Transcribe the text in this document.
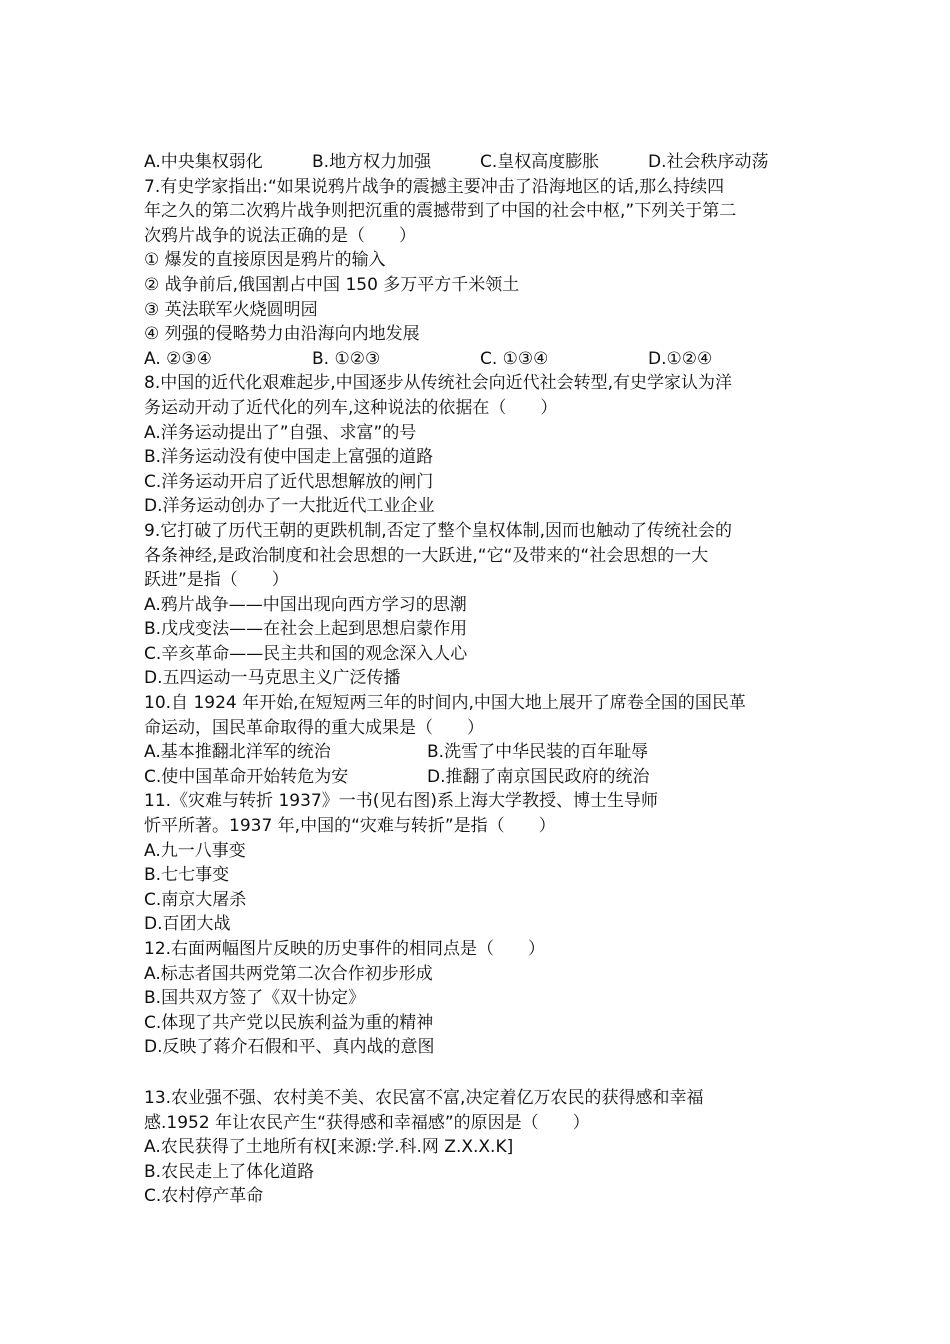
A.中央集权弱化	B.地方权力加强	C.皇权高度膨胀	D.社会秩序动荡
7.有史学家指出:“如果说鸦片战争的震撼主要冲击了沿海地区的话,那么持续四
年之久的第二次鸦片战争则把沉重的震撼带到了中国的社会中枢,”下列关于第二
次鸦片战争的说法正确的是（　　）
① 爆发的直接原因是鸦片的输入
② 战争前后,俄国割占中国 150 多万平方千米领土
③ 英法联军火烧圆明园
④ 列强的侵略势力由沿海向内地发展
A. ②③④	B. ①②③	C. ①③④	D.①②④
8.中国的近代化艰难起步,中国逐步从传统社会向近代社会转型,有史学家认为洋
务运动开动了近代化的列车,这种说法的依据在（　　）
A.洋务运动提出了”自强、求富”的号
B.洋务运动没有使中国走上富强的道路
C.洋务运动开启了近代思想解放的闸门
D.洋务运动创办了一大批近代工业企业
9.它打破了历代王朝的更跌机制,否定了整个皇权体制,因而也触动了传统社会的
各条神经,是政治制度和社会思想的一大跃进,“它“及带来的“社会思想的一大
跃进”是指（　　）
A.鸦片战争——中国出现向西方学习的思潮
B.戊戌变法——在社会上起到思想启蒙作用
C.辛亥革命——民主共和国的观念深入人心
D.五四运动一马克思主义广泛传播
10.自 1924 年开始,在短短两三年的时间内,中国大地上展开了席卷全国的国民革
命运动，国民革命取得的重大成果是（　　）
A.基本推翻北洋军的统治	B.洗雪了中华民装的百年耻辱
C.使中国革命开始转危为安	D.推翻了南京国民政府的统治
11.《灾难与转折 1937》一书(见右图)系上海大学教授、博士生导师
忻平所著。1937 年,中国的“灾难与转折”是指（　　）
A.九一八事变
B.七七事变
C.南京大屠杀
D.百团大战
12.右面两幅图片反映的历史事件的相同点是（　　）
A.标志者国共两党第二次合作初步形成
B.国共双方签了《双十协定》
C.体现了共产党以民族利益为重的精神
D.反映了蒋介石假和平、真内战的意图
13.农业强不强、农村美不美、农民富不富,决定着亿万农民的获得感和幸福
感.1952 年让农民产生“获得感和幸福感”的原因是（　　）
A.农民获得了土地所有权[来源:学.科.网 Z.X.X.K]
B.农民走上了体化道路
C.农村停产革命
